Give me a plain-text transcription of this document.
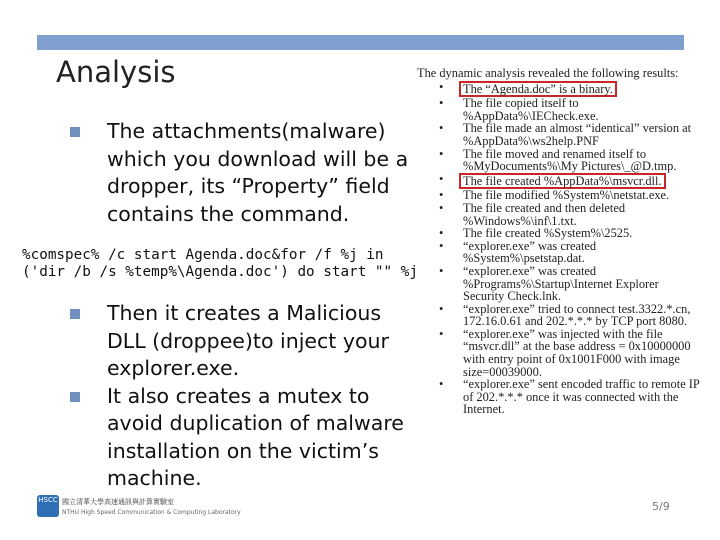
Analysis
The attachments(malware) which you download will be a dropper, its “Property” field contains the command.
%comspec% /c start Agenda.doc&for /f %j in
('dir /b /s %temp%\Agenda.doc') do start "" %j
Then it creates a Malicious DLL (droppee)to inject your explorer.exe.
It also creates a mutex to avoid duplication of malware installation on the victim’s machine.
The dynamic analysis revealed the following results:
• The “Agenda.doc” is a binary.
• The file copied itself to %AppData%\IECheck.exe.
• The file made an almost “identical” version at %AppData%\ws2help.PNF
• The file moved and renamed itself to %MyDocuments%\My Pictures\_@D.tmp.
• The file created %AppData%\msvcr.dll.
• The file modified %System%\netstat.exe.
• The file created and then deleted %Windows%\inf\1.txt.
• The file created %System%\2525.
• “explorer.exe” was created %System%\psetstap.dat.
• “explorer.exe” was created %Programs%\Startup\Internet Explorer Security Check.lnk.
• “explorer.exe” tried to connect test.3322.*.cn, 172.16.0.61 and 202.*.*.* by TCP port 8080.
• “explorer.exe” was injected with the file “msvcr.dll” at the base address = 0x10000000 with entry point of 0x1001F000 with image size=00039000.
• “explorer.exe” sent encoded traffic to remote IP of 202.*.*.* once it was connected with the Internet.
HSCC 國立清華大學高速通訊與計算實驗室
NTHU High Speed Communication & Computing Laboratory	5/9
